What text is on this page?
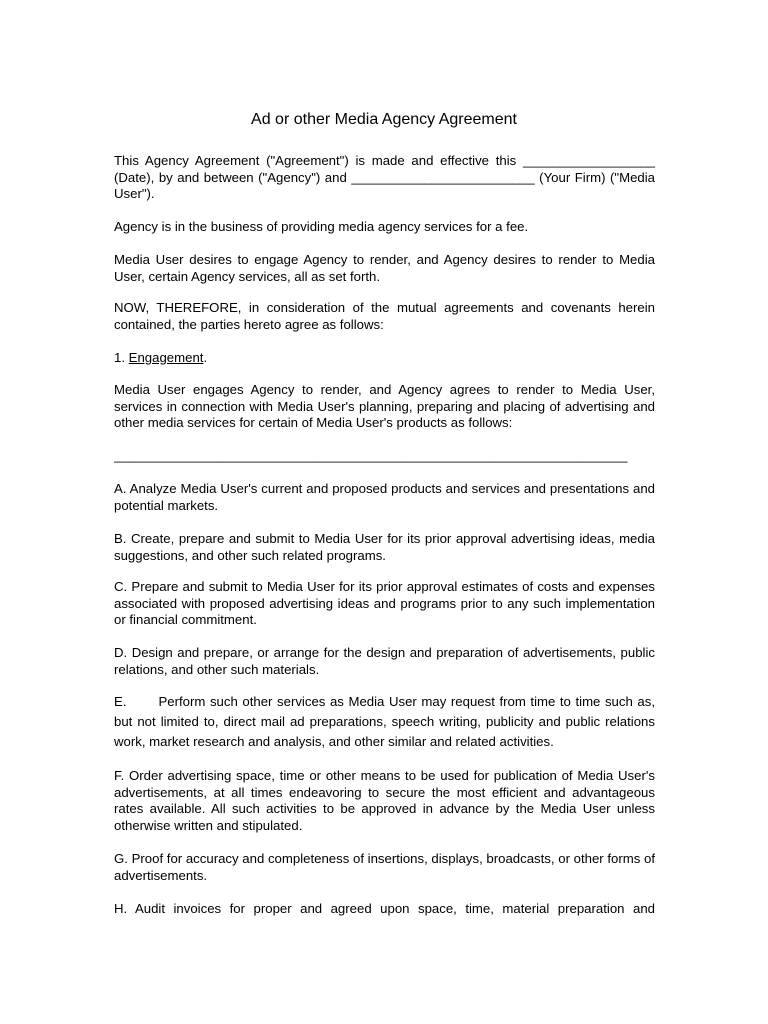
Ad or other Media Agency Agreement

This Agency Agreement ("Agreement") is made and effective this __________________ (Date), by and between ("Agency") and _________________________ (Your Firm) ("Media User").

Agency is in the business of providing media agency services for a fee.

Media User desires to engage Agency to render, and Agency desires to render to Media User, certain Agency services, all as set forth.

NOW, THEREFORE, in consideration of the mutual agreements and covenants herein contained, the parties hereto agree as follows:

1. Engagement.

Media User engages Agency to render, and Agency agrees to render to Media User, services in connection with Media User's planning, preparing and placing of advertising and other media services for certain of Media User's products as follows:

______________________________________________________________________

A. Analyze Media User's current and proposed products and services and presentations and potential markets.

B. Create, prepare and submit to Media User for its prior approval advertising ideas, media suggestions, and other such related programs.

C. Prepare and submit to Media User for its prior approval estimates of costs and expenses associated with proposed advertising ideas and programs prior to any such implementation or financial commitment.

D. Design and prepare, or arrange for the design and preparation of advertisements, public relations, and other such materials.

E. Perform such other services as Media User may request from time to time such as, but not limited to, direct mail ad preparations, speech writing, publicity and public relations work, market research and analysis, and other similar and related activities.

F. Order advertising space, time or other means to be used for publication of Media User's advertisements, at all times endeavoring to secure the most efficient and advantageous rates available. All such activities to be approved in advance by the Media User unless otherwise written and stipulated.

G. Proof for accuracy and completeness of insertions, displays, broadcasts, or other forms of advertisements.

H. Audit invoices for proper and agreed upon space, time, material preparation and
